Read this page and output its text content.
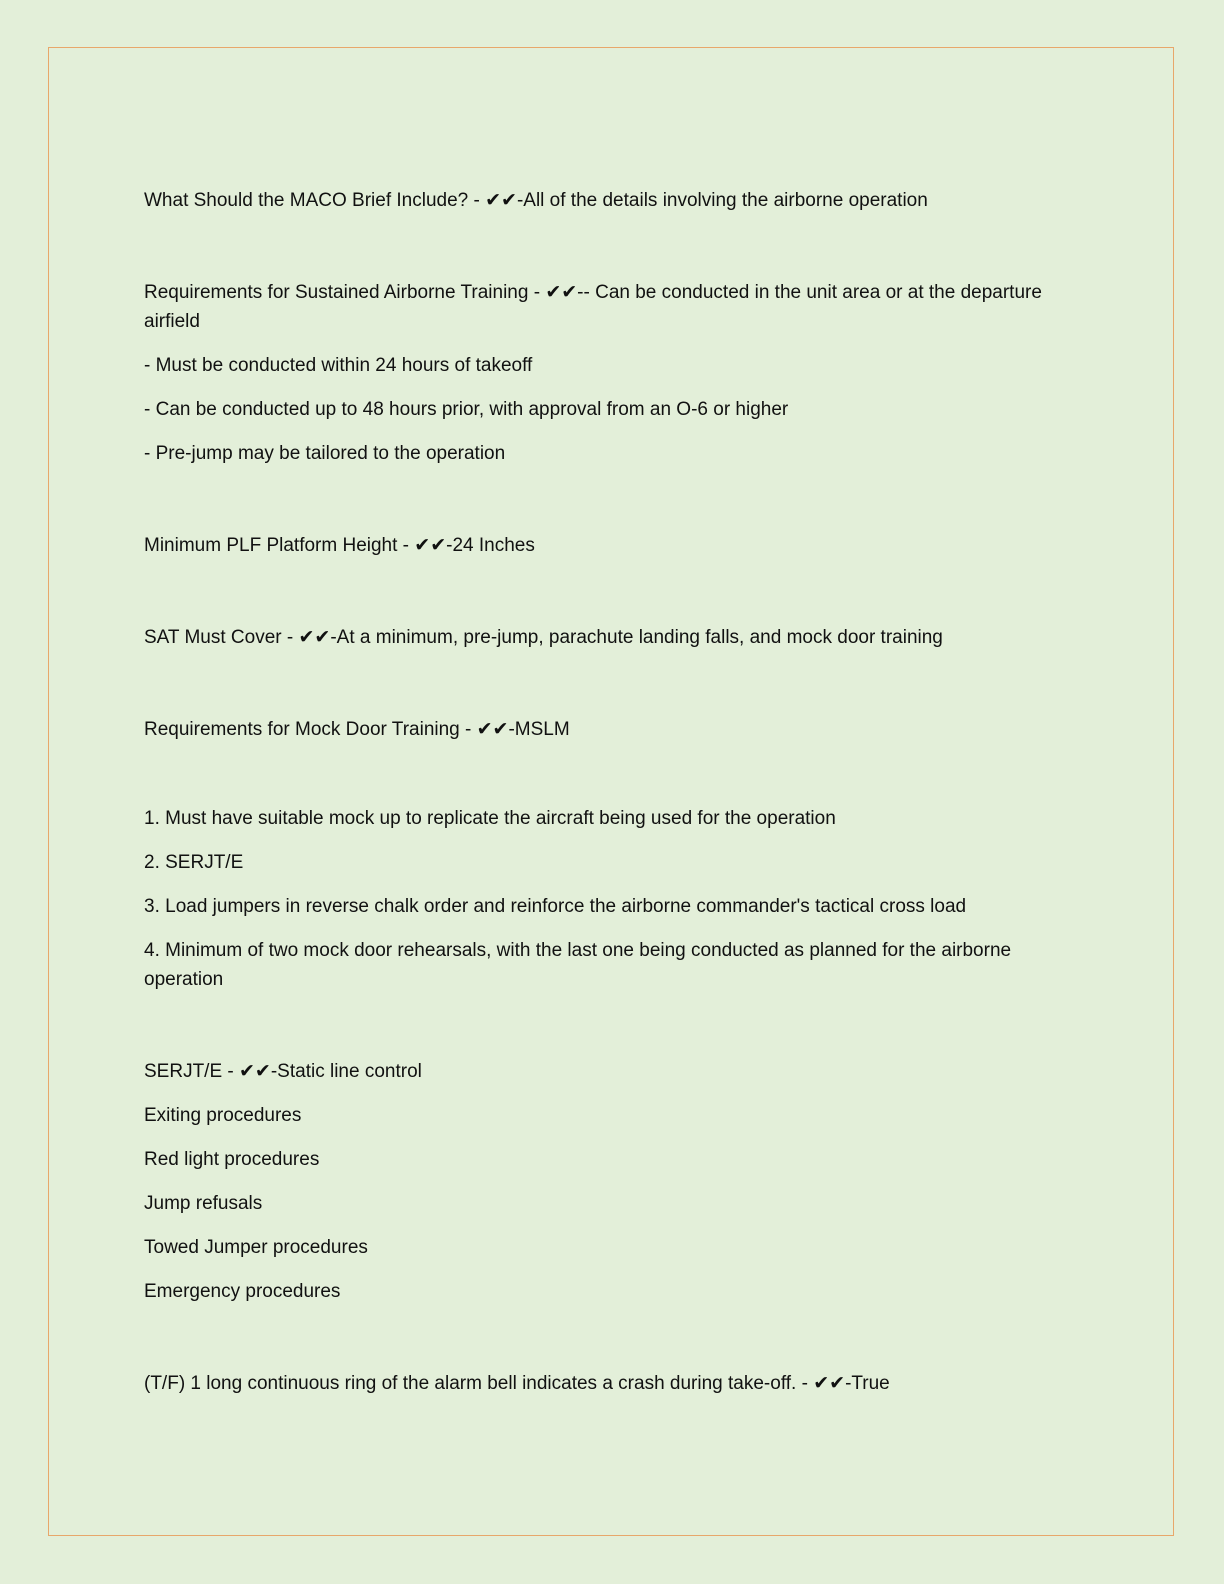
What Should the MACO Brief Include? - ✔✔-All of the details involving the airborne operation

Requirements for Sustained Airborne Training - ✔✔-- Can be conducted in the unit area or at the departure airfield

- Must be conducted within 24 hours of takeoff

- Can be conducted up to 48 hours prior, with approval from an O-6 or higher

- Pre-jump may be tailored to the operation

Minimum PLF Platform Height - ✔✔-24 Inches

SAT Must Cover - ✔✔-At a minimum, pre-jump, parachute landing falls, and mock door training

Requirements for Mock Door Training - ✔✔-MSLM

1. Must have suitable mock up to replicate the aircraft being used for the operation

2. SERJT/E

3. Load jumpers in reverse chalk order and reinforce the airborne commander's tactical cross load

4. Minimum of two mock door rehearsals, with the last one being conducted as planned for the airborne operation

SERJT/E - ✔✔-Static line control

Exiting procedures

Red light procedures

Jump refusals

Towed Jumper procedures

Emergency procedures

(T/F) 1 long continuous ring of the alarm bell indicates a crash during take-off. - ✔✔-True
